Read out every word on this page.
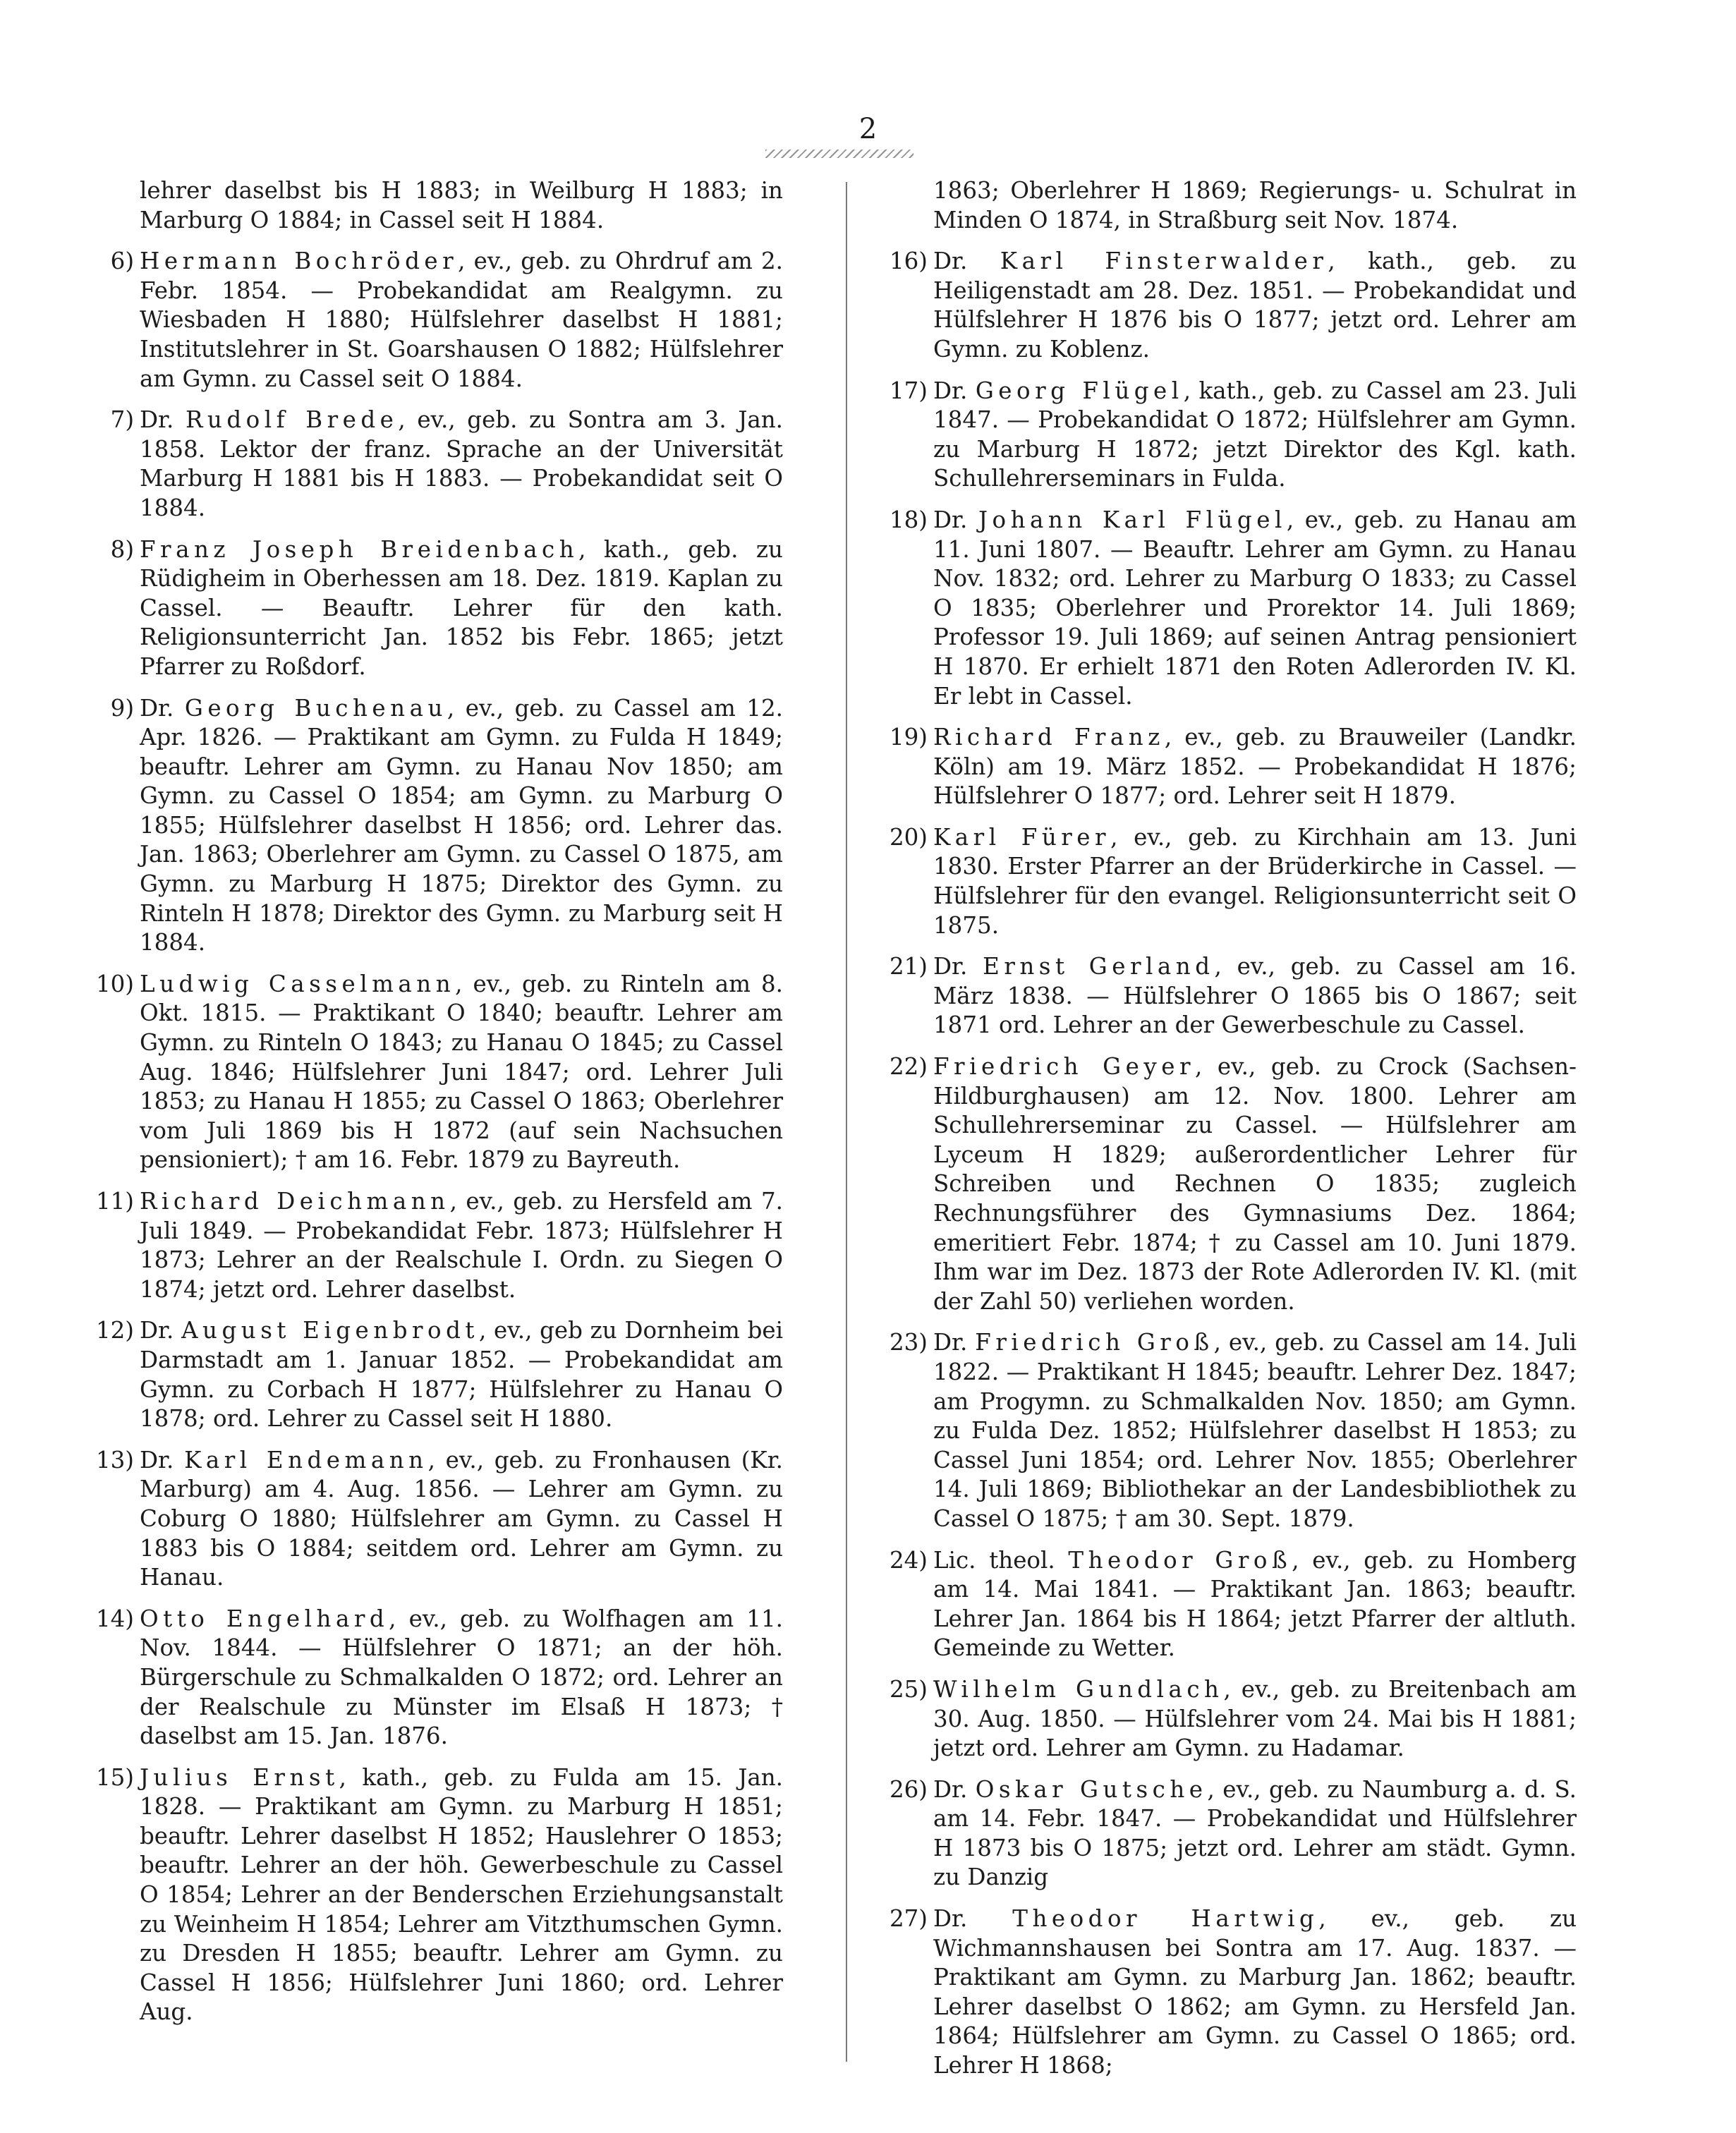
2

lehrer daselbst bis H 1883; in Weilburg H 1883; in Marburg O 1884; in Cassel seit H 1884.

6) Hermann Bochröder, ev., geb. zu Ohrdruf am 2. Febr. 1854. — Probekandidat am Realgymn. zu Wiesbaden H 1880; Hülfslehrer daselbst H 1881; Institutslehrer in St. Goarshausen O 1882; Hülfslehrer am Gymn. zu Cassel seit O 1884.

7) Dr. Rudolf Brede, ev., geb. zu Sontra am 3. Jan. 1858. Lektor der franz. Sprache an der Universität Marburg H 1881 bis H 1883. — Probekandidat seit O 1884.

8) Franz Joseph Breidenbach, kath., geb. zu Rüdigheim in Oberhessen am 18. Dez. 1819. Kaplan zu Cassel. — Beauftr. Lehrer für den kath. Religionsunterricht Jan. 1852 bis Febr. 1865; jetzt Pfarrer zu Roßdorf.

9) Dr. Georg Buchenau, ev., geb. zu Cassel am 12. Apr. 1826. — Praktikant am Gymn. zu Fulda H 1849; beauftr. Lehrer am Gymn. zu Hanau Nov 1850; am Gymn. zu Cassel O 1854; am Gymn. zu Marburg O 1855; Hülfslehrer daselbst H 1856; ord. Lehrer das. Jan. 1863; Oberlehrer am Gymn. zu Cassel O 1875, am Gymn. zu Marburg H 1875; Direktor des Gymn. zu Rinteln H 1878; Direktor des Gymn. zu Marburg seit H 1884.

10) Ludwig Casselmann, ev., geb. zu Rinteln am 8. Okt. 1815. — Praktikant O 1840; beauftr. Lehrer am Gymn. zu Rinteln O 1843; zu Hanau O 1845; zu Cassel Aug. 1846; Hülfslehrer Juni 1847; ord. Lehrer Juli 1853; zu Hanau H 1855; zu Cassel O 1863; Oberlehrer vom Juli 1869 bis H 1872 (auf sein Nachsuchen pensioniert); † am 16. Febr. 1879 zu Bayreuth.

11) Richard Deichmann, ev., geb. zu Hersfeld am 7. Juli 1849. — Probekandidat Febr. 1873; Hülfslehrer H 1873; Lehrer an der Realschule I. Ordn. zu Siegen O 1874; jetzt ord. Lehrer daselbst.

12) Dr. August Eigenbrodt, ev., geb zu Dornheim bei Darmstadt am 1. Januar 1852. — Probekandidat am Gymn. zu Corbach H 1877; Hülfslehrer zu Hanau O 1878; ord. Lehrer zu Cassel seit H 1880.

13) Dr. Karl Endemann, ev., geb. zu Fronhausen (Kr. Marburg) am 4. Aug. 1856. — Lehrer am Gymn. zu Coburg O 1880; Hülfslehrer am Gymn. zu Cassel H 1883 bis O 1884; seitdem ord. Lehrer am Gymn. zu Hanau.

14) Otto Engelhard, ev., geb. zu Wolfhagen am 11. Nov. 1844. — Hülfslehrer O 1871; an der höh. Bürgerschule zu Schmalkalden O 1872; ord. Lehrer an der Realschule zu Münster im Elsaß H 1873; † daselbst am 15. Jan. 1876.

15) Julius Ernst, kath., geb. zu Fulda am 15. Jan. 1828. — Praktikant am Gymn. zu Marburg H 1851; beauftr. Lehrer daselbst H 1852; Hauslehrer O 1853; beauftr. Lehrer an der höh. Gewerbeschule zu Cassel O 1854; Lehrer an der Benderschen Erziehungsanstalt zu Weinheim H 1854; Lehrer am Vitzthumschen Gymn. zu Dresden H 1855; beauftr. Lehrer am Gymn. zu Cassel H 1856; Hülfslehrer Juni 1860; ord. Lehrer Aug.

1863; Oberlehrer H 1869; Regierungs- u. Schulrat in Minden O 1874, in Straßburg seit Nov. 1874.

16) Dr. Karl Finsterwalder, kath., geb. zu Heiligenstadt am 28. Dez. 1851. — Probekandidat und Hülfslehrer H 1876 bis O 1877; jetzt ord. Lehrer am Gymn. zu Koblenz.

17) Dr. Georg Flügel, kath., geb. zu Cassel am 23. Juli 1847. — Probekandidat O 1872; Hülfslehrer am Gymn. zu Marburg H 1872; jetzt Direktor des Kgl. kath. Schullehrerseminars in Fulda.

18) Dr. Johann Karl Flügel, ev., geb. zu Hanau am 11. Juni 1807. — Beauftr. Lehrer am Gymn. zu Hanau Nov. 1832; ord. Lehrer zu Marburg O 1833; zu Cassel O 1835; Oberlehrer und Prorektor 14. Juli 1869; Professor 19. Juli 1869; auf seinen Antrag pensioniert H 1870. Er erhielt 1871 den Roten Adlerorden IV. Kl. Er lebt in Cassel.

19) Richard Franz, ev., geb. zu Brauweiler (Landkr. Köln) am 19. März 1852. — Probekandidat H 1876; Hülfslehrer O 1877; ord. Lehrer seit H 1879.

20) Karl Fürer, ev., geb. zu Kirchhain am 13. Juni 1830. Erster Pfarrer an der Brüderkirche in Cassel. — Hülfslehrer für den evangel. Religionsunterricht seit O 1875.

21) Dr. Ernst Gerland, ev., geb. zu Cassel am 16. März 1838. — Hülfslehrer O 1865 bis O 1867; seit 1871 ord. Lehrer an der Gewerbeschule zu Cassel.

22) Friedrich Geyer, ev., geb. zu Crock (Sachsen-Hildburghausen) am 12. Nov. 1800. Lehrer am Schullehrerseminar zu Cassel. — Hülfslehrer am Lyceum H 1829; außerordentlicher Lehrer für Schreiben und Rechnen O 1835; zugleich Rechnungsführer des Gymnasiums Dez. 1864; emeritiert Febr. 1874; † zu Cassel am 10. Juni 1879. Ihm war im Dez. 1873 der Rote Adlerorden IV. Kl. (mit der Zahl 50) verliehen worden.

23) Dr. Friedrich Groß, ev., geb. zu Cassel am 14. Juli 1822. — Praktikant H 1845; beauftr. Lehrer Dez. 1847; am Progymn. zu Schmalkalden Nov. 1850; am Gymn. zu Fulda Dez. 1852; Hülfslehrer daselbst H 1853; zu Cassel Juni 1854; ord. Lehrer Nov. 1855; Oberlehrer 14. Juli 1869; Bibliothekar an der Landesbibliothek zu Cassel O 1875; † am 30. Sept. 1879.

24) Lic. theol. Theodor Groß, ev., geb. zu Homberg am 14. Mai 1841. — Praktikant Jan. 1863; beauftr. Lehrer Jan. 1864 bis H 1864; jetzt Pfarrer der altluth. Gemeinde zu Wetter.

25) Wilhelm Gundlach, ev., geb. zu Breitenbach am 30. Aug. 1850. — Hülfslehrer vom 24. Mai bis H 1881; jetzt ord. Lehrer am Gymn. zu Hadamar.

26) Dr. Oskar Gutsche, ev., geb. zu Naumburg a. d. S. am 14. Febr. 1847. — Probekandidat und Hülfslehrer H 1873 bis O 1875; jetzt ord. Lehrer am städt. Gymn. zu Danzig

27) Dr. Theodor Hartwig, ev., geb. zu Wichmannshausen bei Sontra am 17. Aug. 1837. — Praktikant am Gymn. zu Marburg Jan. 1862; beauftr. Lehrer daselbst O 1862; am Gymn. zu Hersfeld Jan. 1864; Hülfslehrer am Gymn. zu Cassel O 1865; ord. Lehrer H 1868;
